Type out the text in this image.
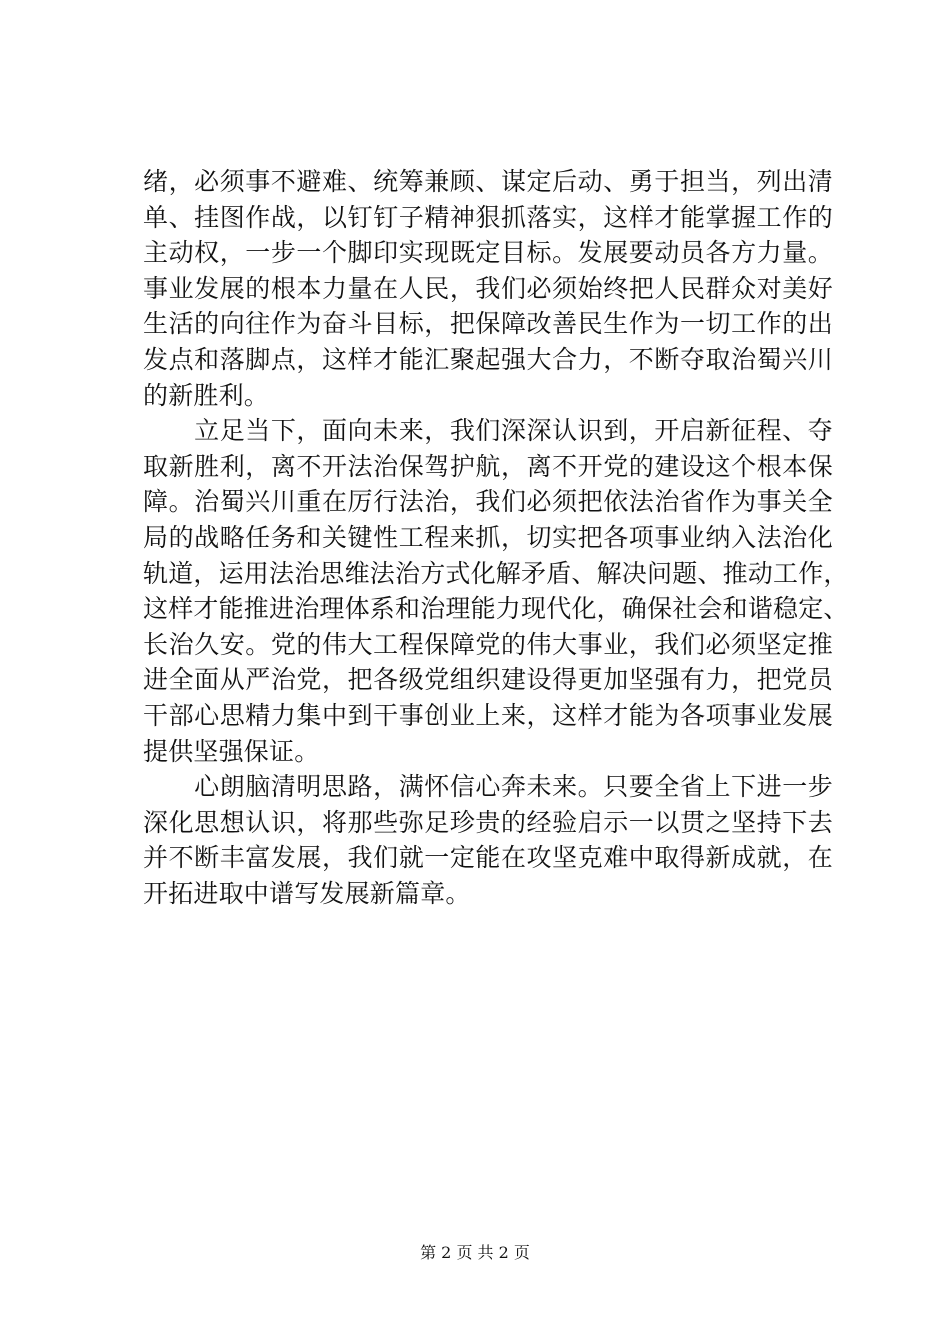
绪，必须事不避难、统筹兼顾、谋定后动、勇于担当，列出清
单、挂图作战，以钉钉子精神狠抓落实，这样才能掌握工作的
主动权，一步一个脚印实现既定目标。发展要动员各方力量。
事业发展的根本力量在人民，我们必须始终把人民群众对美好
生活的向往作为奋斗目标，把保障改善民生作为一切工作的出
发点和落脚点，这样才能汇聚起强大合力，不断夺取治蜀兴川
的新胜利。
　　立足当下，面向未来，我们深深认识到，开启新征程、夺
取新胜利，离不开法治保驾护航，离不开党的建设这个根本保
障。治蜀兴川重在厉行法治，我们必须把依法治省作为事关全
局的战略任务和关键性工程来抓，切实把各项事业纳入法治化
轨道，运用法治思维法治方式化解矛盾、解决问题、推动工作，
这样才能推进治理体系和治理能力现代化，确保社会和谐稳定、
长治久安。党的伟大工程保障党的伟大事业，我们必须坚定推
进全面从严治党，把各级党组织建设得更加坚强有力，把党员
干部心思精力集中到干事创业上来，这样才能为各项事业发展
提供坚强保证。
　　心朗脑清明思路，满怀信心奔未来。只要全省上下进一步
深化思想认识，将那些弥足珍贵的经验启示一以贯之坚持下去
并不断丰富发展，我们就一定能在攻坚克难中取得新成就，在
开拓进取中谱写发展新篇章。
第 2 页 共 2 页
